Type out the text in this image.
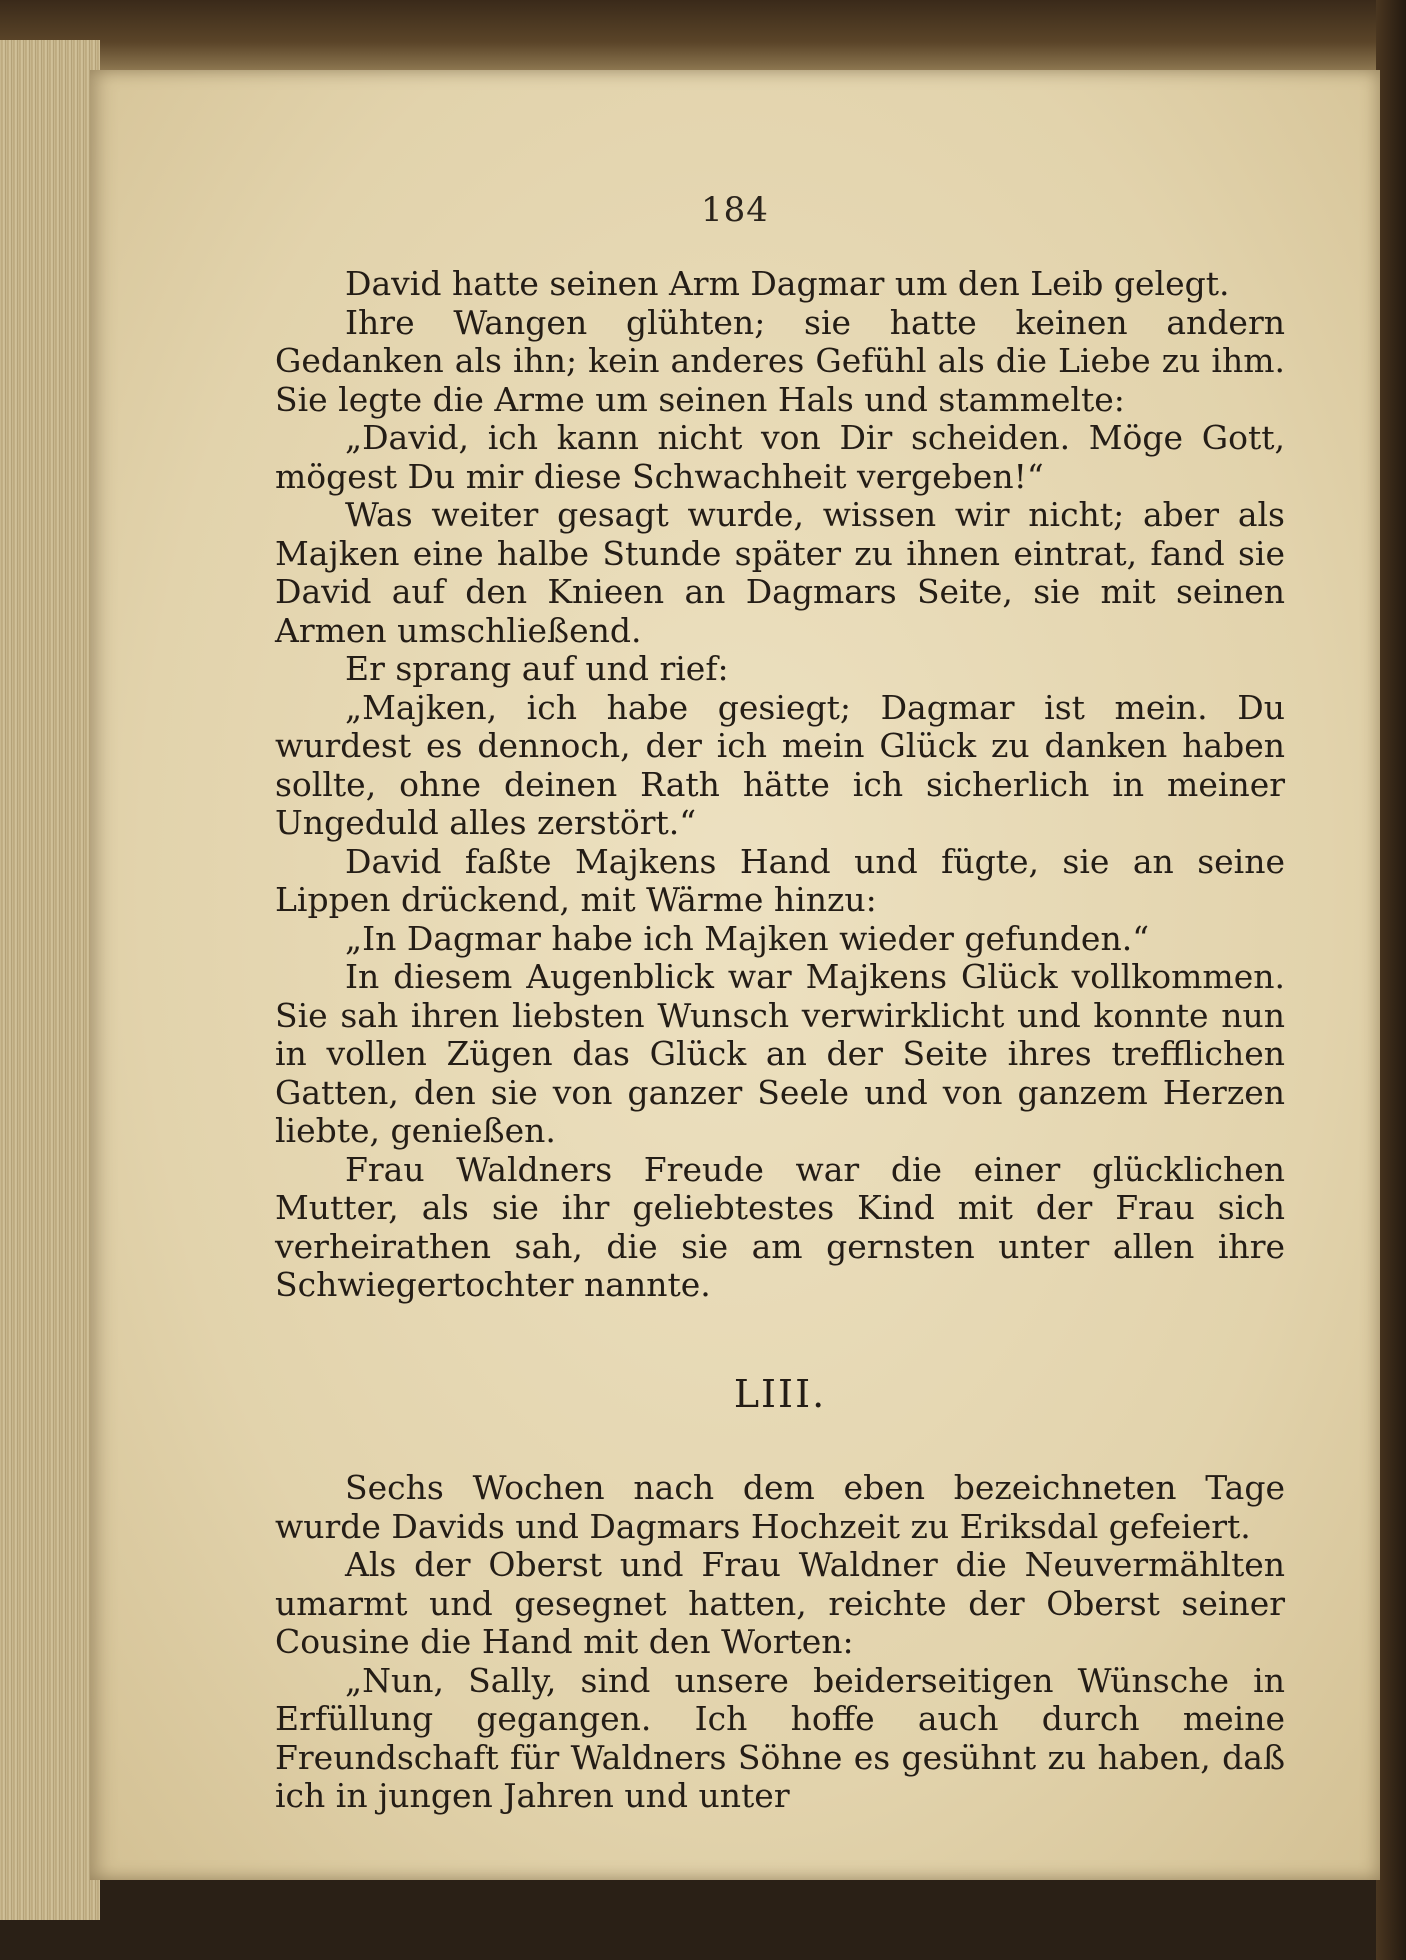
184

David hatte seinen Arm Dagmar um den Leib gelegt.

Ihre Wangen glühten; sie hatte keinen andern Gedanken als ihn; kein anderes Gefühl als die Liebe zu ihm. Sie legte die Arme um seinen Hals und stammelte:

„David, ich kann nicht von Dir scheiden. Möge Gott, mögest Du mir diese Schwachheit vergeben!“

Was weiter gesagt wurde, wissen wir nicht; aber als Majken eine halbe Stunde später zu ihnen eintrat, fand sie David auf den Knieen an Dagmars Seite, sie mit seinen Armen umschließend.

Er sprang auf und rief:

„Majken, ich habe gesiegt; Dagmar ist mein. Du wurdest es dennoch, der ich mein Glück zu danken haben sollte, ohne deinen Rath hätte ich sicherlich in meiner Ungeduld alles zerstört.“

David faßte Majkens Hand und fügte, sie an seine Lippen drückend, mit Wärme hinzu:

„In Dagmar habe ich Majken wieder gefunden.“

In diesem Augenblick war Majkens Glück vollkommen. Sie sah ihren liebsten Wunsch verwirklicht und konnte nun in vollen Zügen das Glück an der Seite ihres trefflichen Gatten, den sie von ganzer Seele und von ganzem Herzen liebte, genießen.

Frau Waldners Freude war die einer glücklichen Mutter, als sie ihr geliebtestes Kind mit der Frau sich verheirathen sah, die sie am gernsten unter allen ihre Schwiegertochter nannte.

LIII.

Sechs Wochen nach dem eben bezeichneten Tage wurde Davids und Dagmars Hochzeit zu Eriksdal gefeiert.

Als der Oberst und Frau Waldner die Neuvermählten umarmt und gesegnet hatten, reichte der Oberst seiner Cousine die Hand mit den Worten:

„Nun, Sally, sind unsere beiderseitigen Wünsche in Erfüllung gegangen. Ich hoffe auch durch meine Freundschaft für Waldners Söhne es gesühnt zu haben, daß ich in jungen Jahren und unter
